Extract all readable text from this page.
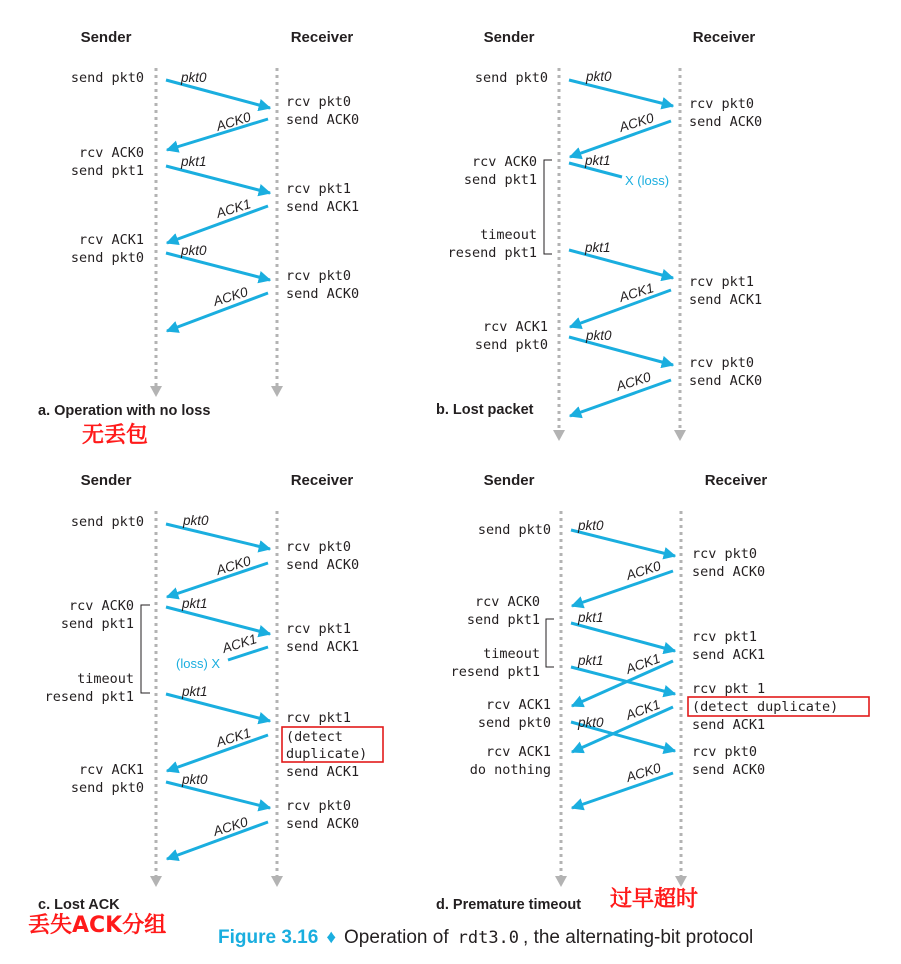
Sender	Receiver
send pkt0
rcv ACK0
send pkt1
rcv ACK1
send pkt0
rcv pkt0
send ACK0
rcv pkt1
send ACK1
rcv pkt0
send ACK0
pkt0
ACK0
pkt1
ACK1
pkt0
ACK0
a. Operation with no loss
无丢包
Sender	Receiver
send pkt0
rcv ACK0
send pkt1
timeout
resend pkt1
rcv ACK1
send pkt0
rcv pkt0
send ACK0
rcv pkt1
send ACK1
rcv pkt0
send ACK0
pkt0
ACK0
pkt1
X (loss)
pkt1
ACK1
pkt0
ACK0
b. Lost packet
Sender	Receiver
send pkt0
rcv ACK0
send pkt1
timeout
resend pkt1
rcv ACK1
send pkt0
rcv pkt0
send ACK0
rcv pkt1
send ACK1
rcv pkt1
(detect
duplicate)
send ACK1
rcv pkt0
send ACK0
pkt0
ACK0
pkt1
ACK1
(loss) X
pkt1
ACK1
pkt0
ACK0
c. Lost ACK
丢失ACK分组
Sender	Receiver
send pkt0
rcv ACK0
send pkt1
timeout
resend pkt1
rcv ACK1
send pkt0
rcv ACK1
do nothing
rcv pkt0
send ACK0
rcv pkt1
send ACK1
rcv pkt 1
(detect duplicate)
send ACK1
rcv pkt0
send ACK0
pkt0
ACK0
pkt1
pkt1 ACK1
pkt0 ACK1
ACK0
d. Premature timeout 过早超时
Figure 3.16 ♦ Operation of rdt3.0 , the alternating-bit protocol
